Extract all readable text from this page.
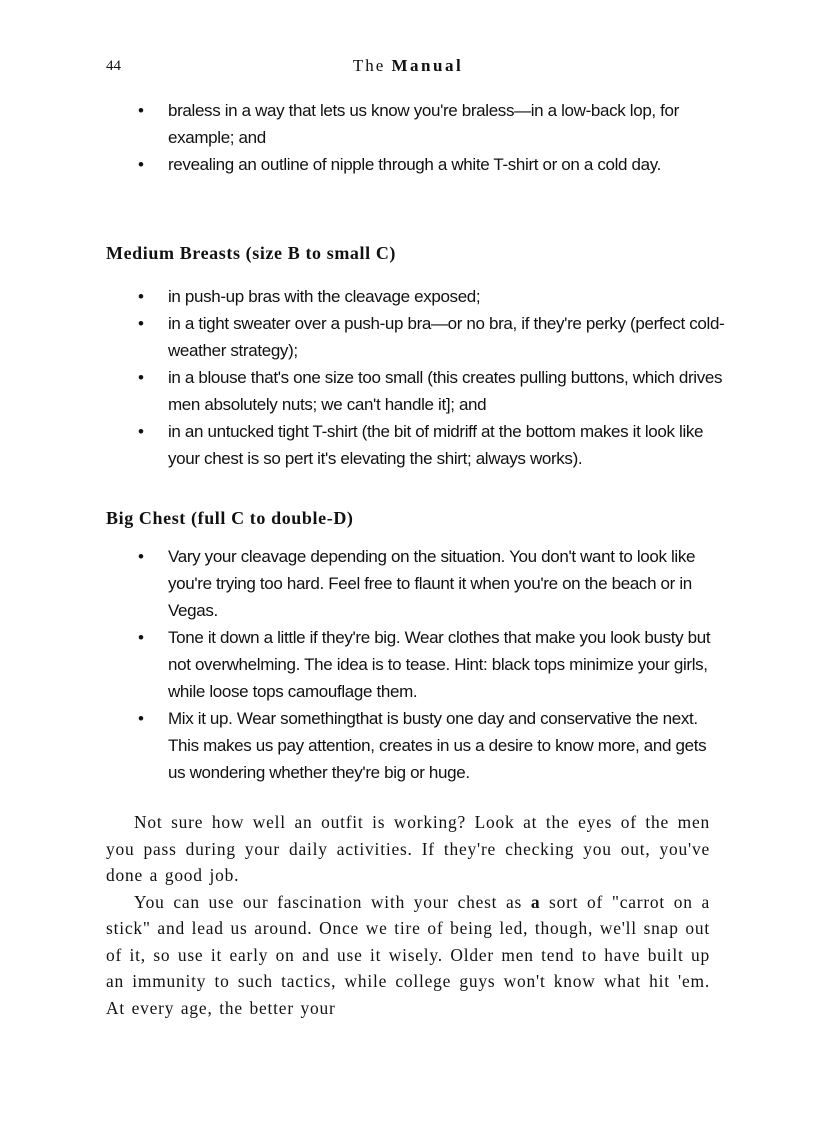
44	The Manual
• braless in a way that lets us know you're braless—in a low-back lop, for example; and
• revealing an outline of nipple through a white T-shirt or on a cold day.
Medium Breasts (size B to small C)
• in push-up bras with the cleavage exposed;
• in a tight sweater over a push-up bra—or no bra, if they're perky (perfect cold-weather strategy);
• in a blouse that's one size too small (this creates pulling buttons, which drives men absolutely nuts; we can't handle it]; and
• in an untucked tight T-shirt (the bit of midriff at the bottom makes it look like your chest is so pert it's elevating the shirt; always works).
Big Chest (full C to double-D)
• Vary your cleavage depending on the situation. You don't want to look like you're trying too hard. Feel free to flaunt it when you're on the beach or in Vegas.
• Tone it down a little if they're big. Wear clothes that make you look busty but not overwhelming. The idea is to tease. Hint: black tops minimize your girls, while loose tops camouflage them.
• Mix it up. Wear somethingthat is busty one day and conservative the next. This makes us pay attention, creates in us a desire to know more, and gets us wondering whether they're big or huge.

Not sure how well an outfit is working? Look at the eyes of the men you pass during your daily activities. If they're checking you out, you've done a good job.

You can use our fascination with your chest as a sort of "carrot on a stick" and lead us around. Once we tire of being led, though, we'll snap out of it, so use it early on and use it wisely. Older men tend to have built up an immunity to such tactics, while college guys won't know what hit 'em. At every age, the better your
